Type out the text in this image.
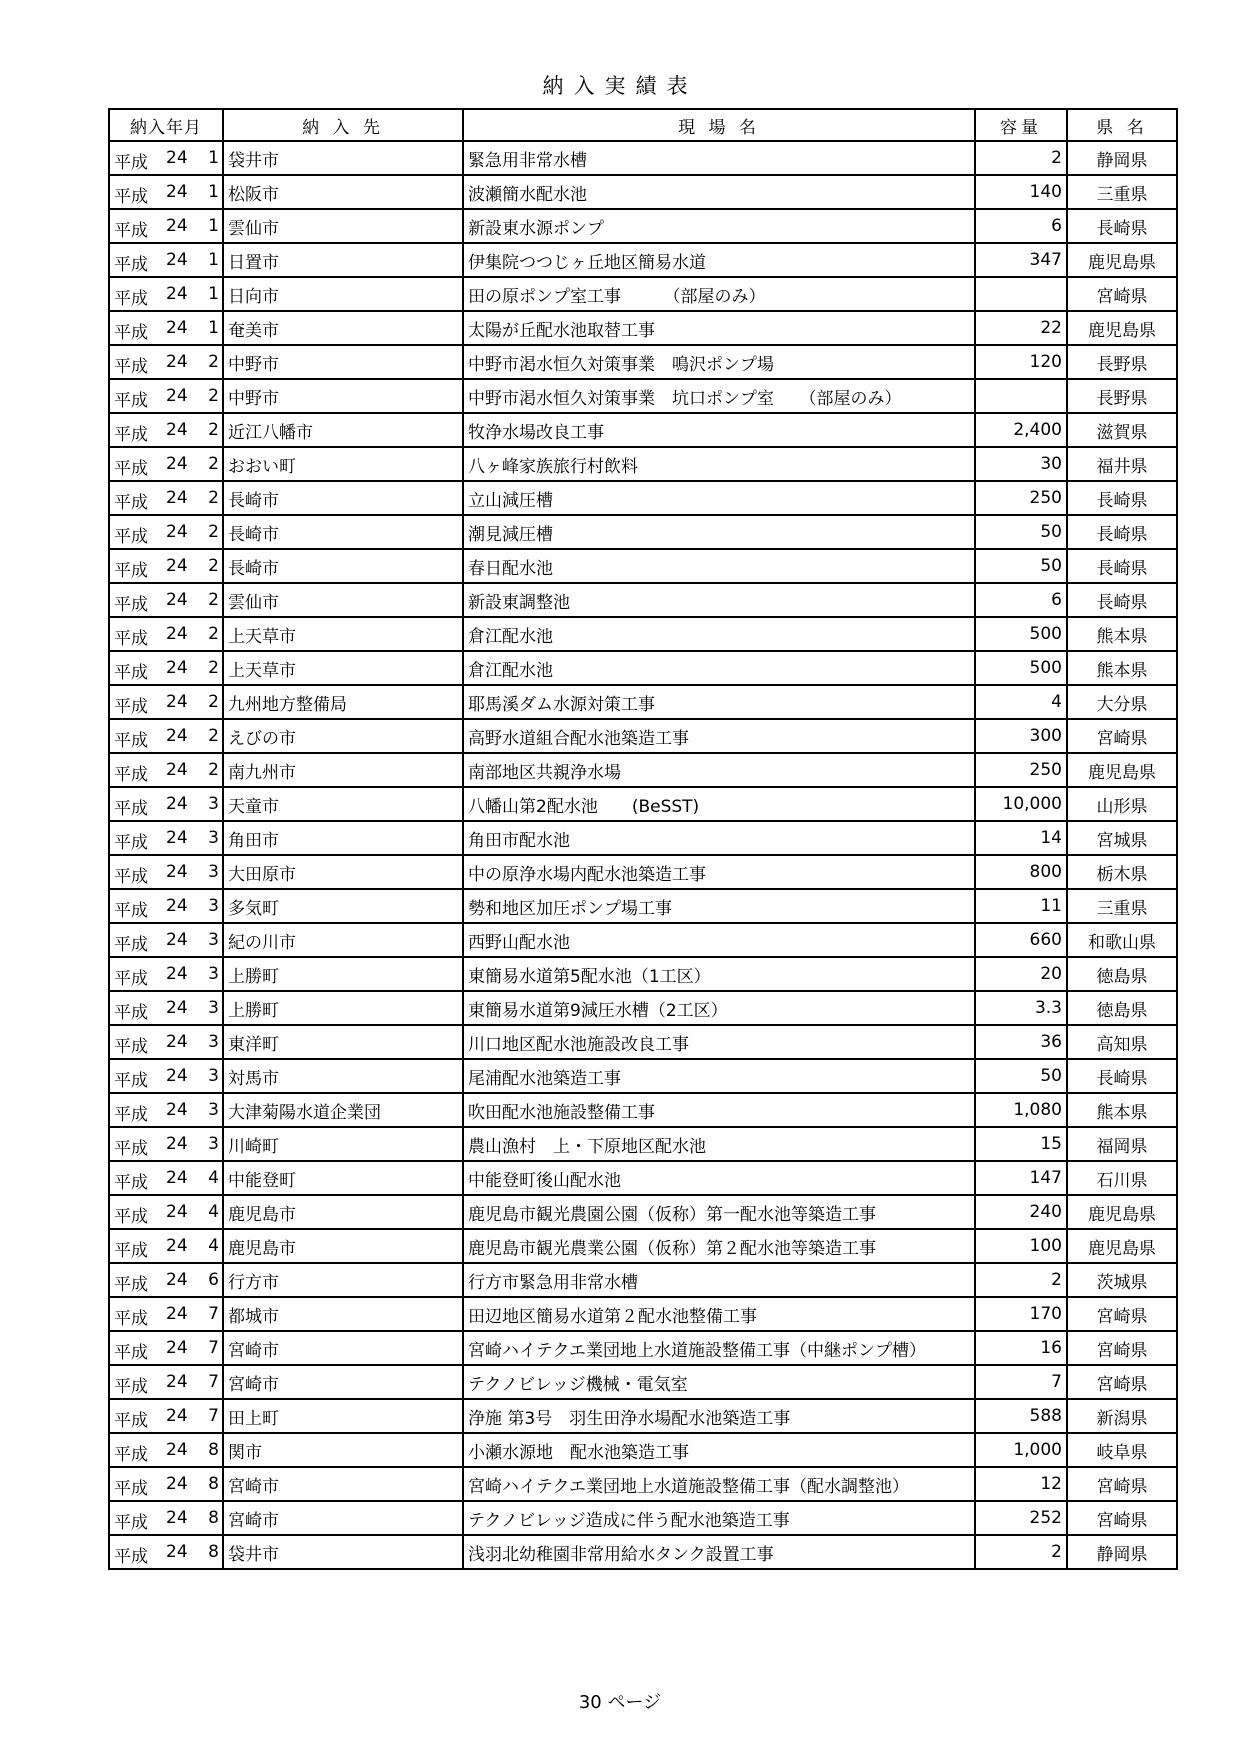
納入実績表
納入年月	納 入 先	現 場 名	容量	県 名

平成 24 1	袋井市	緊急用非常水槽	2	静岡県

平成 24 1	松阪市	波瀬簡水配水池	140	三重県

平成 24 1	雲仙市	新設東水源ポンプ	6	長崎県

平成 24 1	日置市	伊集院つつじヶ丘地区簡易水道	347	鹿児島県

平成 24 1	日向市	田の原ポンプ室工事　　　（部屋のみ）		宮崎県

平成 24 1	奄美市	太陽が丘配水池取替工事	22	鹿児島県

平成 24 2	中野市	中野市渇水恒久対策事業　鳴沢ポンプ場	120	長野県

平成 24 2	中野市	中野市渇水恒久対策事業　坑口ポンプ室　　（部屋のみ）		長野県

平成 24 2	近江八幡市	牧浄水場改良工事	2,400	滋賀県

平成 24 2	おおい町	八ヶ峰家族旅行村飲料	30	福井県

平成 24 2	長崎市	立山減圧槽	250	長崎県

平成 24 2	長崎市	潮見減圧槽	50	長崎県

平成 24 2	長崎市	春日配水池	50	長崎県

平成 24 2	雲仙市	新設東調整池	6	長崎県

平成 24 2	上天草市	倉江配水池	500	熊本県

平成 24 2	上天草市	倉江配水池	500	熊本県

平成 24 2	九州地方整備局	耶馬溪ダム水源対策工事	4	大分県

平成 24 2	えびの市	高野水道組合配水池築造工事	300	宮崎県

平成 24 2	南九州市	南部地区共親浄水場	250	鹿児島県

平成 24 3	天童市	八幡山第2配水池　　(BeSST)	10,000	山形県

平成 24 3	角田市	角田市配水池	14	宮城県

平成 24 3	大田原市	中の原浄水場内配水池築造工事	800	栃木県

平成 24 3	多気町	勢和地区加圧ポンプ場工事	11	三重県

平成 24 3	紀の川市	西野山配水池	660	和歌山県

平成 24 3	上勝町	東簡易水道第5配水池（1工区）	20	徳島県

平成 24 3	上勝町	東簡易水道第9減圧水槽（2工区）	3.3	徳島県

平成 24 3	東洋町	川口地区配水池施設改良工事	36	高知県

平成 24 3	対馬市	尾浦配水池築造工事	50	長崎県

平成 24 3	大津菊陽水道企業団	吹田配水池施設整備工事	1,080	熊本県

平成 24 3	川崎町	農山漁村　上・下原地区配水池	15	福岡県

平成 24 4	中能登町	中能登町後山配水池	147	石川県

平成 24 4	鹿児島市	鹿児島市観光農園公園（仮称）第一配水池等築造工事	240	鹿児島県

平成 24 4	鹿児島市	鹿児島市観光農業公園（仮称）第２配水池等築造工事	100	鹿児島県

平成 24 6	行方市	行方市緊急用非常水槽	2	茨城県

平成 24 7	都城市	田辺地区簡易水道第２配水池整備工事	170	宮崎県

平成 24 7	宮崎市	宮崎ハイテクエ業団地上水道施設整備工事（中継ポンプ槽）	16	宮崎県

平成 24 7	宮崎市	テクノビレッジ機械・電気室	7	宮崎県

平成 24 7	田上町	浄施 第3号　羽生田浄水場配水池築造工事	588	新潟県

平成 24 8	関市	小瀬水源地　配水池築造工事	1,000	岐阜県

平成 24 8	宮崎市	宮崎ハイテクエ業団地上水道施設整備工事（配水調整池）	12	宮崎県

平成 24 8	宮崎市	テクノビレッジ造成に伴う配水池築造工事	252	宮崎県

平成 24 8	袋井市	浅羽北幼稚園非常用給水タンク設置工事	2	静岡県
30 ページ
